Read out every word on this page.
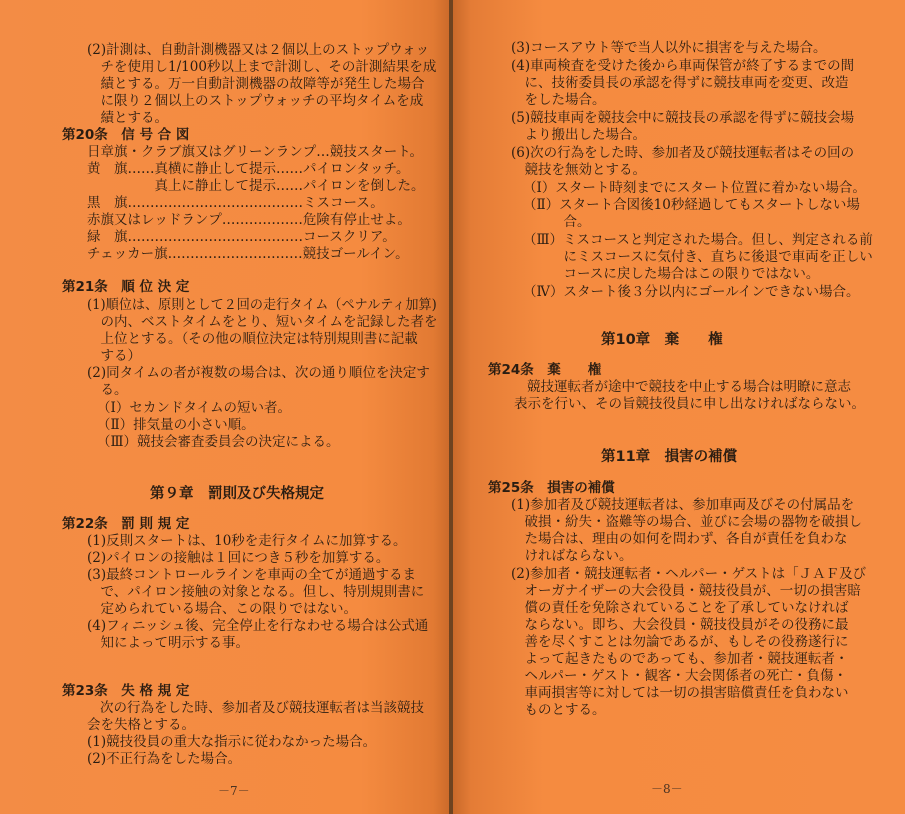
(2)計測は、自動計測機器又は２個以上のストップウォッ
　チを使用し1/100秒以上まで計測し、その計測結果を成
　績とする。万一自動計測機器の故障等が発生した場合
　に限り２個以上のストップウォッチの平均タイムを成
　績とする。
第20条　信 号 合 図
日章旗・クラブ旗又はグリーンランプ…競技スタート。
黄　旗……真横に静止して提示……パイロンタッチ。
　　　　　真上に静止して提示……パイロンを倒した。
黒　旗…………………………………ミスコース。
赤旗又はレッドランプ………………危険有停止せよ。
緑　旗…………………………………コースクリア。
チェッカー旗…………………………競技ゴールイン。
第21条　順 位 決 定
(1)順位は、原則として２回の走行タイム（ペナルティ加算)
　の内、ベストタイムをとり、短いタイムを記録した者を
　上位とする。（その他の順位決定は特別規則書に記載
　する）
(2)同タイムの者が複数の場合は、次の通り順位を決定す
　る。
（Ⅰ）セカンドタイムの短い者。
（Ⅱ）排気量の小さい順。
（Ⅲ）競技会審査委員会の決定による。
第９章　罰則及び失格規定
第22条　罰 則 規 定
(1)反則スタートは、10秒を走行タイムに加算する。
(2)パイロンの接触は１回につき５秒を加算する。
(3)最終コントロールラインを車両の全てが通過するま
　で、パイロン接触の対象となる。但し、特別規則書に
　定められている場合、この限りではない。
(4)フィニッシュ後、完全停止を行なわせる場合は公式通
　知によって明示する事。
第23条　失 格 規 定
次の行為をした時、参加者及び競技運転者は当該競技
会を失格とする。
(1)競技役員の重大な指示に従わなかった場合。
(2)不正行為をした場合。
－7－
(3)コースアウト等で当人以外に損害を与えた場合。
(4)車両検査を受けた後から車両保管が終了するまでの間
　に、技術委員長の承認を得ずに競技車両を変更、改造
　をした場合。
(5)競技車両を競技会中に競技長の承認を得ずに競技会場
　より搬出した場合。
(6)次の行為をした時、参加者及び競技運転者はその回の
　競技を無効とする。
（Ⅰ）スタート時刻までにスタート位置に着かない場合。
（Ⅱ）スタート合図後10秒経過してもスタートしない場
　　　合。
（Ⅲ）ミスコースと判定された場合。但し、判定される前
　　　にミスコースに気付き、直ちに後退で車両を正しい
　　　コースに戻した場合はこの限りではない。
（Ⅳ）スタート後３分以内にゴールインできない場合。
第10章　棄　　権
第24条　棄　　権
競技運転者が途中で競技を中止する場合は明瞭に意志
表示を行い、その旨競技役員に申し出なければならない。
第11章　損害の補償
第25条　損害の補償
(1)参加者及び競技運転者は、参加車両及びその付属品を
　破損・紛失・盗難等の場合、並びに会場の器物を破損し
　た場合は、理由の如何を問わず、各自が責任を負わな
　ければならない。
(2)参加者・競技運転者・ヘルパー・ゲストは「ＪＡＦ及び
　オーガナイザーの大会役員・競技役員が、一切の損害賠
　償の責任を免除されていることを了承していなければ
　ならない。即ち、大会役員・競技役員がその役務に最
　善を尽くすことは勿論であるが、もしその役務遂行に
　よって起きたものであっても、参加者・競技運転者・
　ヘルパー・ゲスト・観客・大会関係者の死亡・負傷・
　車両損害等に対しては一切の損害賠償責任を負わない
　ものとする。
－8－
